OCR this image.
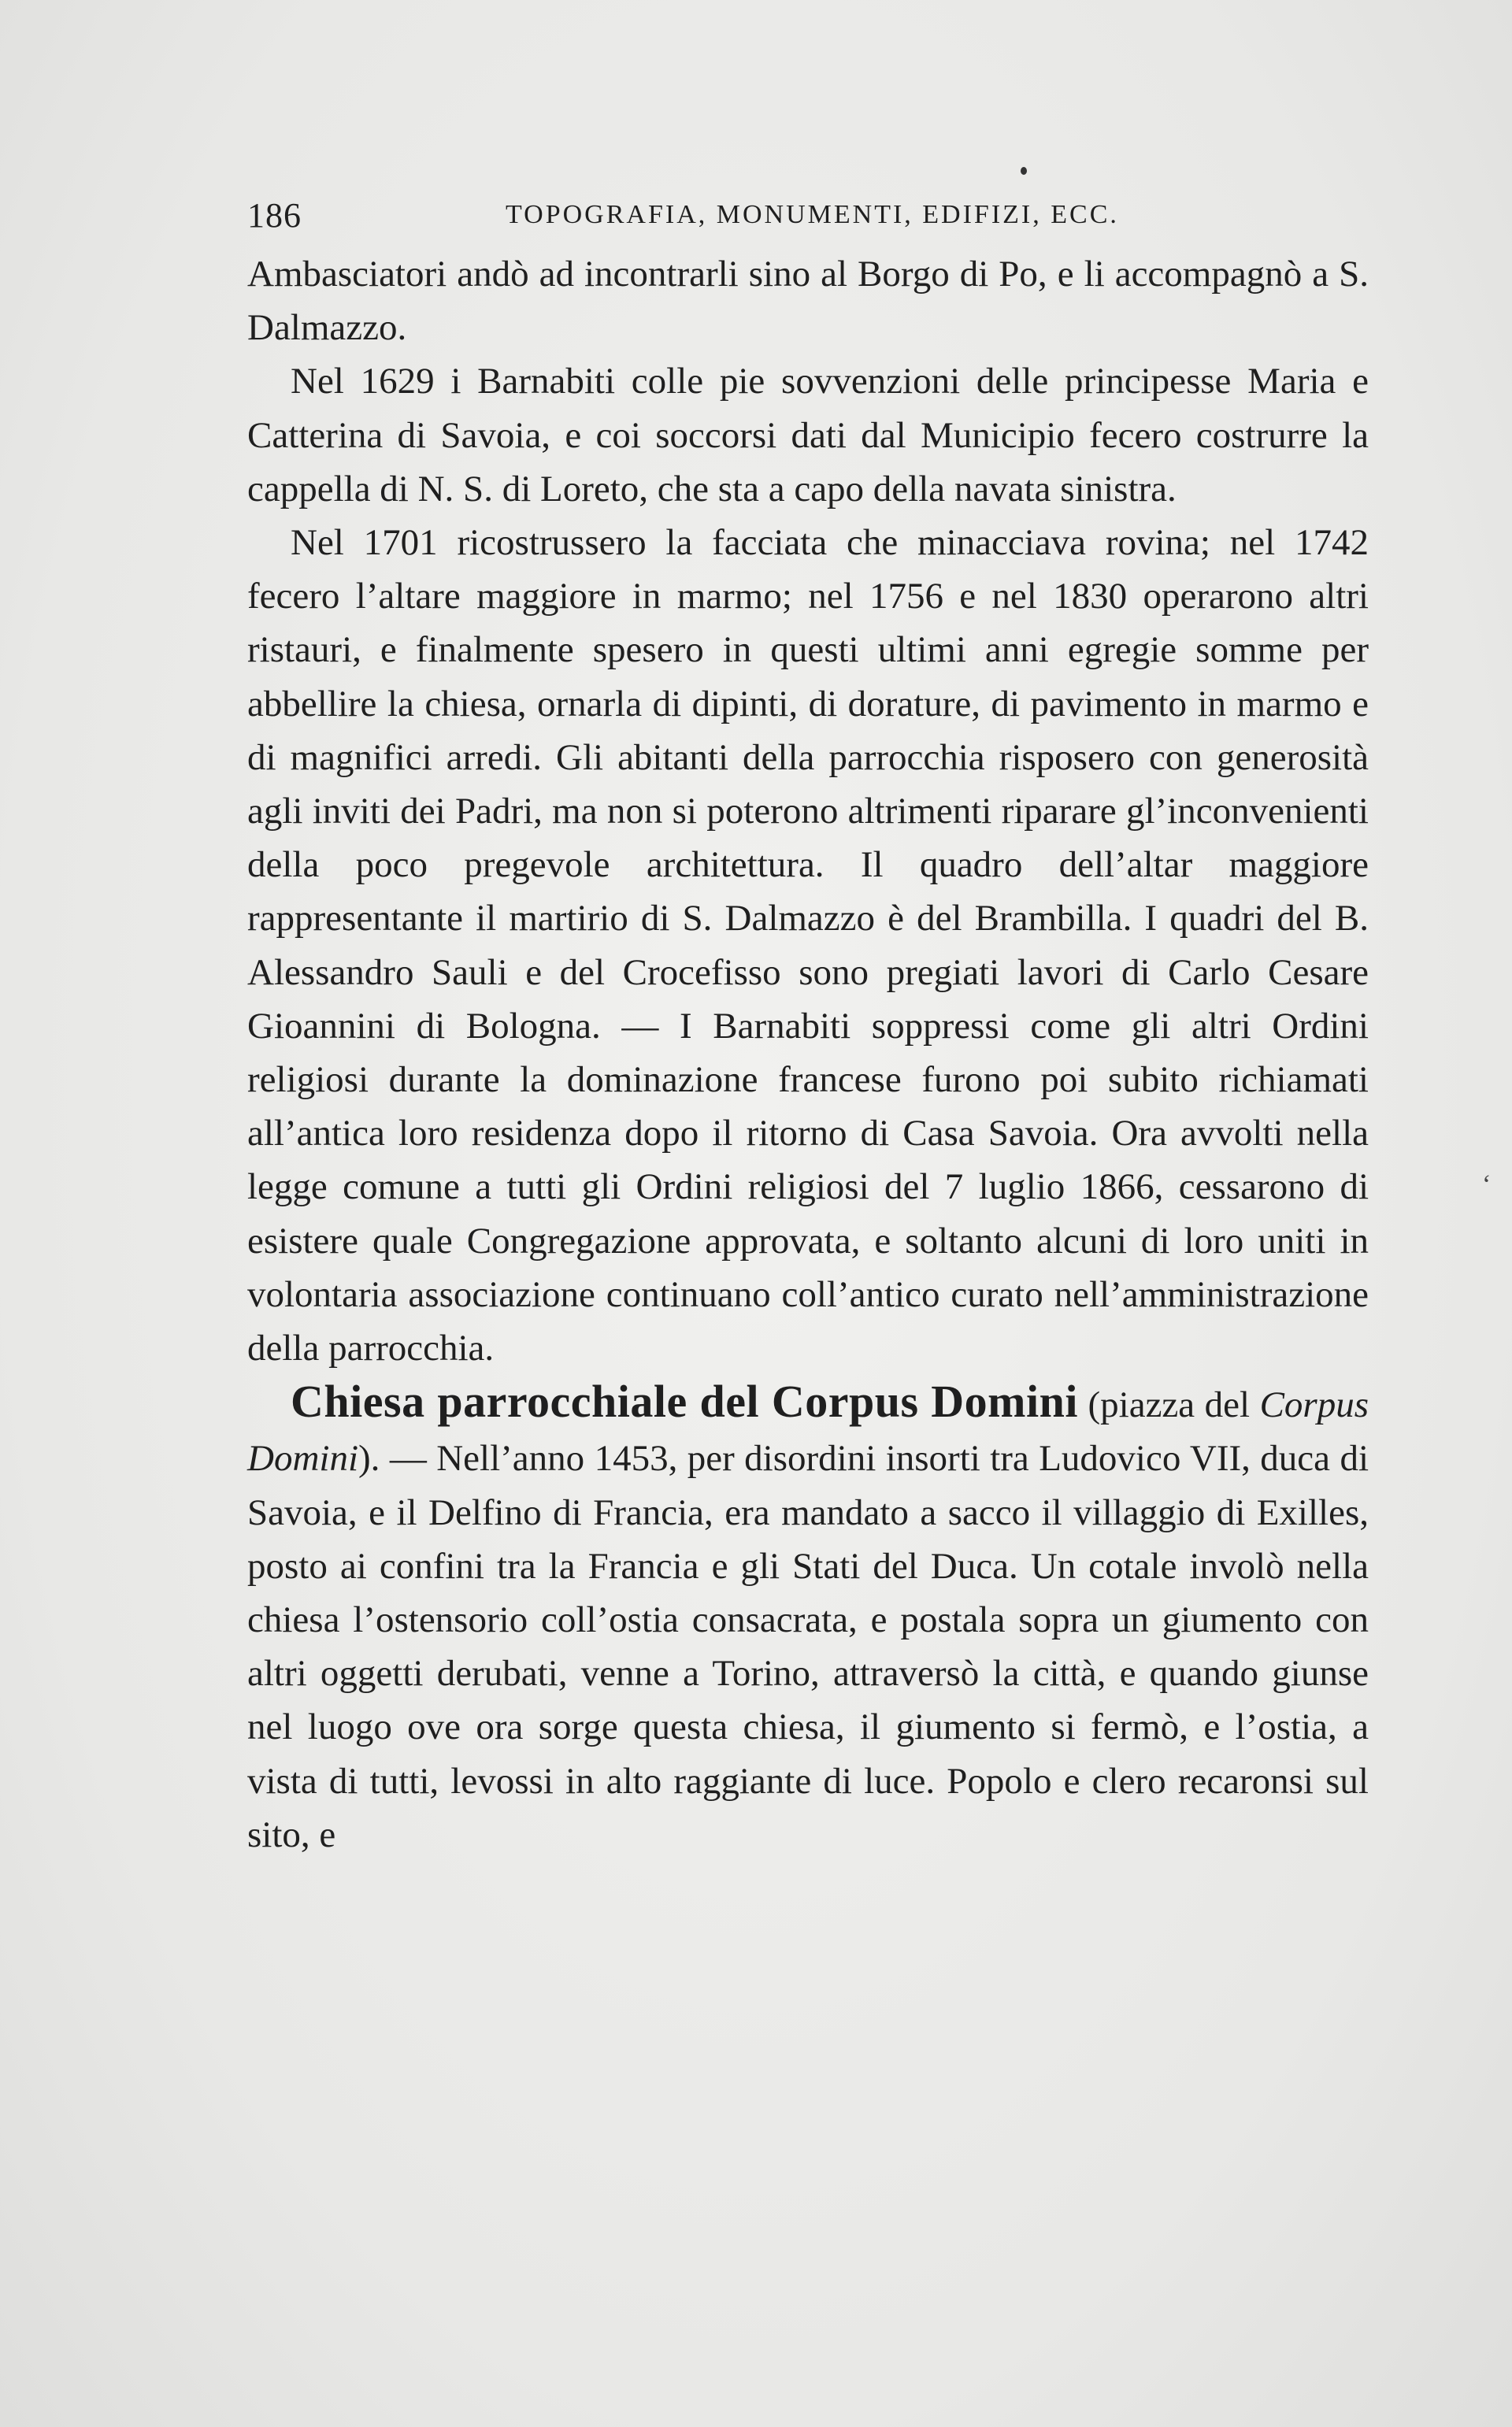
186	TOPOGRAFIA, MONUMENTI, EDIFIZI, ECC.

Ambasciatori andò ad incontrarli sino al Borgo di Po, e li accompagnò a S. Dalmazzo.

Nel 1629 i Barnabiti colle pie sovvenzioni delle principesse Maria e Catterina di Savoia, e coi soccorsi dati dal Municipio fecero costrurre la cappella di N. S. di Loreto, che sta a capo della navata sinistra.

Nel 1701 ricostrussero la facciata che minacciava rovina; nel 1742 fecero l’altare maggiore in marmo; nel 1756 e nel 1830 operarono altri ristauri, e finalmente spesero in questi ultimi anni egregie somme per abbellire la chiesa, ornarla di dipinti, di dorature, di pavimento in marmo e di magnifici arredi. Gli abitanti della parrocchia risposero con generosità agli inviti dei Padri, ma non si poterono altrimenti riparare gl’inconvenienti della poco pregevole architettura. Il quadro dell’altar maggiore rappresentante il martirio di S. Dalmazzo è del Brambilla. I quadri del B. Alessandro Sauli e del Crocefisso sono pregiati lavori di Carlo Cesare Gioannini di Bologna. — I Barnabiti soppressi come gli altri Ordini religiosi durante la dominazione francese furono poi subito richiamati all’antica loro residenza dopo il ritorno di Casa Savoia. Ora avvolti nella legge comune a tutti gli Ordini religiosi del 7 luglio 1866, cessarono di esistere quale Congregazione approvata, e soltanto alcuni di loro uniti in volontaria associazione continuano coll’antico curato nell’amministrazione della parrocchia.

Chiesa parrocchiale del Corpus Domini (piazza del Corpus Domini). — Nell’anno 1453, per disordini insorti tra Ludovico VII, duca di Savoia, e il Delfino di Francia, era mandato a sacco il villaggio di Exilles, posto ai confini tra la Francia e gli Stati del Duca. Un cotale involò nella chiesa l’ostensorio coll’ostia consacrata, e postala sopra un giumento con altri oggetti derubati, venne a Torino, attraversò la città, e quando giunse nel luogo ove ora sorge questa chiesa, il giumento si fermò, e l’ostia, a vista di tutti, levossi in alto raggiante di luce. Popolo e clero recaronsi sul sito, e

ʻ
